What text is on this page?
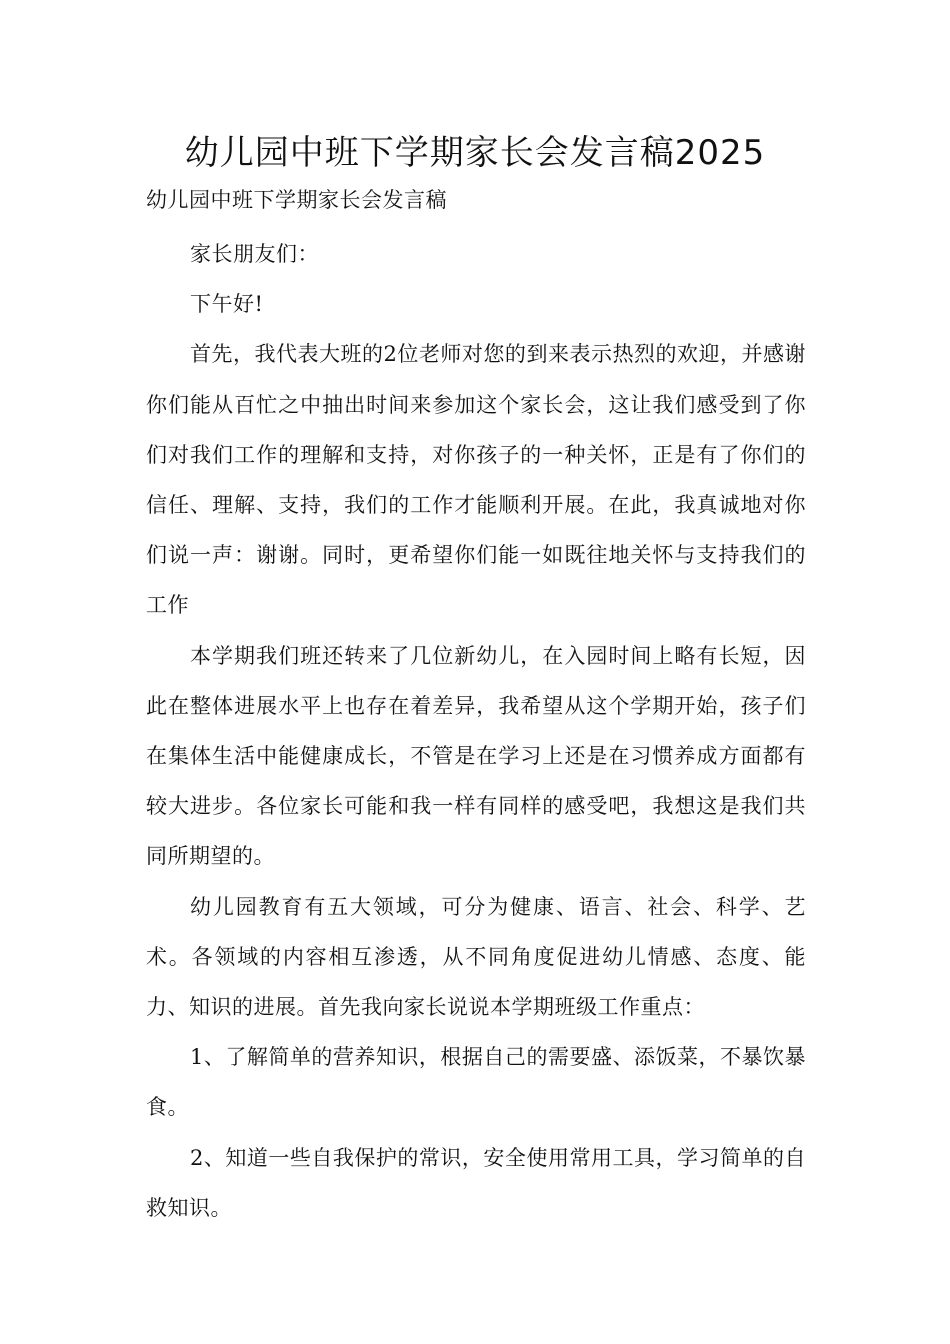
幼儿园中班下学期家长会发言稿2025

幼儿园中班下学期家长会发言稿

家长朋友们：

下午好!

首先，我代表大班的2位老师对您的到来表示热烈的欢迎，并感谢你们能从百忙之中抽出时间来参加这个家长会，这让我们感受到了你们对我们工作的理解和支持，对你孩子的一种关怀，正是有了你们的信任、理解、支持，我们的工作才能顺利开展。在此，我真诚地对你们说一声：谢谢。同时，更希望你们能一如既往地关怀与支持我们的工作

本学期我们班还转来了几位新幼儿，在入园时间上略有长短，因此在整体进展水平上也存在着差异，我希望从这个学期开始，孩子们在集体生活中能健康成长，不管是在学习上还是在习惯养成方面都有较大进步。各位家长可能和我一样有同样的感受吧，我想这是我们共同所期望的。

幼儿园教育有五大领域，可分为健康、语言、社会、科学、艺术。各领域的内容相互渗透，从不同角度促进幼儿情感、态度、能力、知识的进展。首先我向家长说说本学期班级工作重点：

1、了解简单的营养知识，根据自己的需要盛、添饭菜，不暴饮暴食。

2、知道一些自我保护的常识，安全使用常用工具，学习简单的自救知识。
